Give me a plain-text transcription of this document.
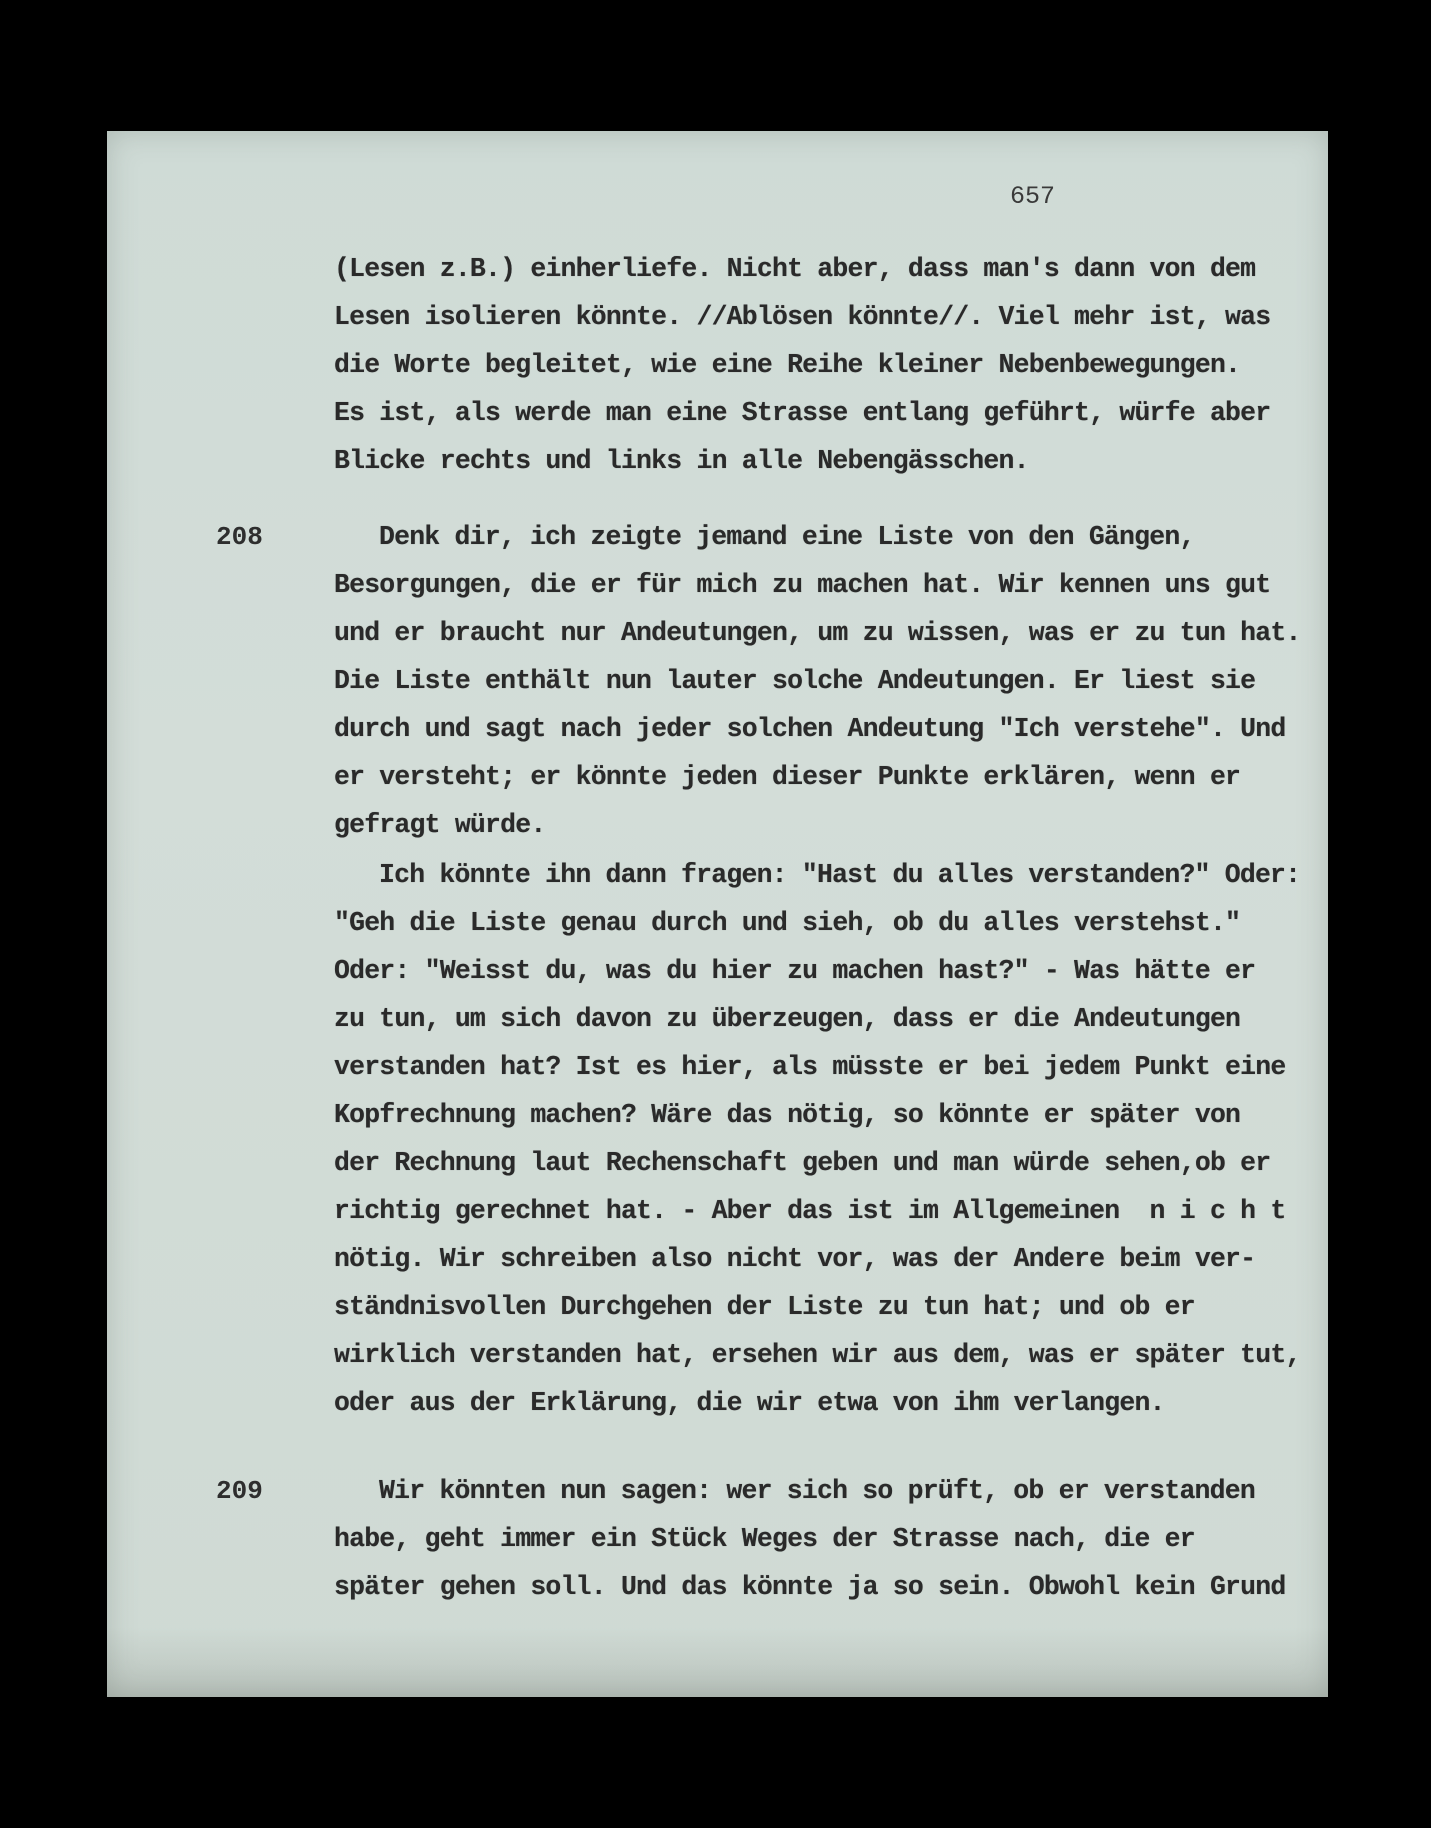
657
(Lesen z.B.) einherliefe. Nicht aber, dass man's dann von dem
Lesen isolieren könnte. //Ablösen könnte//. Viel mehr ist, was
die Worte begleitet, wie eine Reihe kleiner Nebenbewegungen.
Es ist, als werde man eine Strasse entlang geführt, würfe aber
Blicke rechts und links in alle Nebengässchen.
208	Denk dir, ich zeigte jemand eine Liste von den Gängen,
Besorgungen, die er für mich zu machen hat. Wir kennen uns gut
und er braucht nur Andeutungen, um zu wissen, was er zu tun hat.
Die Liste enthält nun lauter solche Andeutungen. Er liest sie
durch und sagt nach jeder solchen Andeutung "Ich verstehe". Und
er versteht; er könnte jeden dieser Punkte erklären, wenn er
gefragt würde.
Ich könnte ihn dann fragen: "Hast du alles verstanden?" Oder:
"Geh die Liste genau durch und sieh, ob du alles verstehst."
Oder: "Weisst du, was du hier zu machen hast?" - Was hätte er
zu tun, um sich davon zu überzeugen, dass er die Andeutungen
verstanden hat? Ist es hier, als müsste er bei jedem Punkt eine
Kopfrechnung machen? Wäre das nötig, so könnte er später von
der Rechnung laut Rechenschaft geben und man würde sehen,ob er
richtig gerechnet hat. - Aber das ist im Allgemeinen  n i c h t
nötig. Wir schreiben also nicht vor, was der Andere beim ver-
ständnisvollen Durchgehen der Liste zu tun hat; und ob er
wirklich verstanden hat, ersehen wir aus dem, was er später tut,
oder aus der Erklärung, die wir etwa von ihm verlangen.
209	Wir könnten nun sagen: wer sich so prüft, ob er verstanden
habe, geht immer ein Stück Weges der Strasse nach, die er
später gehen soll. Und das könnte ja so sein. Obwohl kein Grund
